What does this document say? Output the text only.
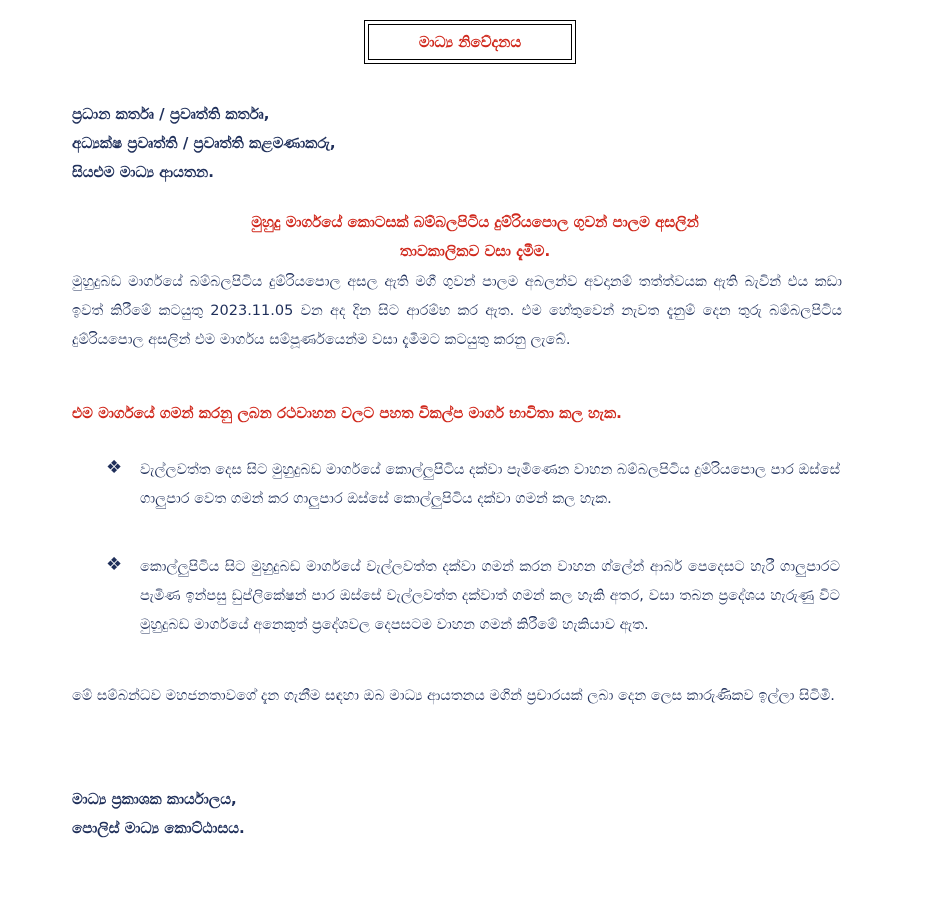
මාධ්‍ය නිවේදනය
ප්‍රධාන කර්තෘ / ප්‍රවෘත්ති කර්තෘ,
අධ්‍යක්ෂ ප්‍රවෘත්ති / ප්‍රවෘත්ති කළමණාකරු,
සියළුම මාධ්‍ය ආයතන.
මුහුදු මාර්ගයේ කොටසක් බම්බලපිටිය දුම්රියපොල ගුවන් පාලම අසලින්
තාවකාලිකව වසා දැමීම.
මුහුදුබඩ මාර්ගයේ බම්බලපිටිය දුම්රියපොල අසල ඇති මගී ගුවන් පාලම අබලන්ව අවදානම් තත්ත්වයක ඇති බැවින් එය කඩා ඉවත් කිරීමේ කටයුතු 2023.11.05 වන අද දින සිට ආරම්භ කර ඇත. එම හේතුවෙන් නැවත දැනුම් දෙන තුරු බම්බලපිටිය දුම්රියපොල අසලින් එම මාර්ගය සම්පූර්ණයෙන්ම වසා දැමීමට කටයුතු කරනු ලැබේ.
එම මාර්ගයේ ගමන් කරනු ලබන රථවාහන වලට පහත විකල්ප මාර්ග භාවිතා කල හැක.
❖ වැල්ලවත්ත දෙස සිට මුහුදුබඩ මාර්ගයේ කොල්ලුපිටිය දක්වා පැමිණෙන වාහන බම්බලපිටිය දුම්රියපොල පාර ඔස්සේ ගාලුපාර වෙත ගමන් කර ගාලුපාර ඔස්සේ කොල්ලුපිටිය දක්වා ගමන් කල හැක.
❖ කොල්ලුපිටිය සිට මුහුදුබඩ මාර්ගයේ වැල්ලවත්ත දක්වා ගමන් කරන වාහන ග්ලේන් ආබර් පෙදෙසට හැරී ගාලුපාරට පැමිණ ඉන්පසු ඩුප්ලිකේෂන් පාර ඔස්සේ වැල්ලවත්ත දක්වාත් ගමන් කල හැකි අතර, වසා තබන ප්‍රදේශය හැරුණු විට මුහුදුබඩ මාර්ගයේ අනෙකුත් ප්‍රදේශවල දෙපසටම වාහන ගමන් කිරීමේ හැකියාව ඇත.
මේ සම්බන්ධව මහජනතාවගේ දැන ගැනීම සඳහා ඔබ මාධ්‍ය ආයතනය මගින් ප්‍රචාරයක් ලබා දෙන ලෙස කාරුණිකව ඉල්ලා සිටිමි.
මාධ්‍ය ප්‍රකාශක කාර්යාලය,
පොලිස් මාධ්‍ය කොට්ඨාසය.
